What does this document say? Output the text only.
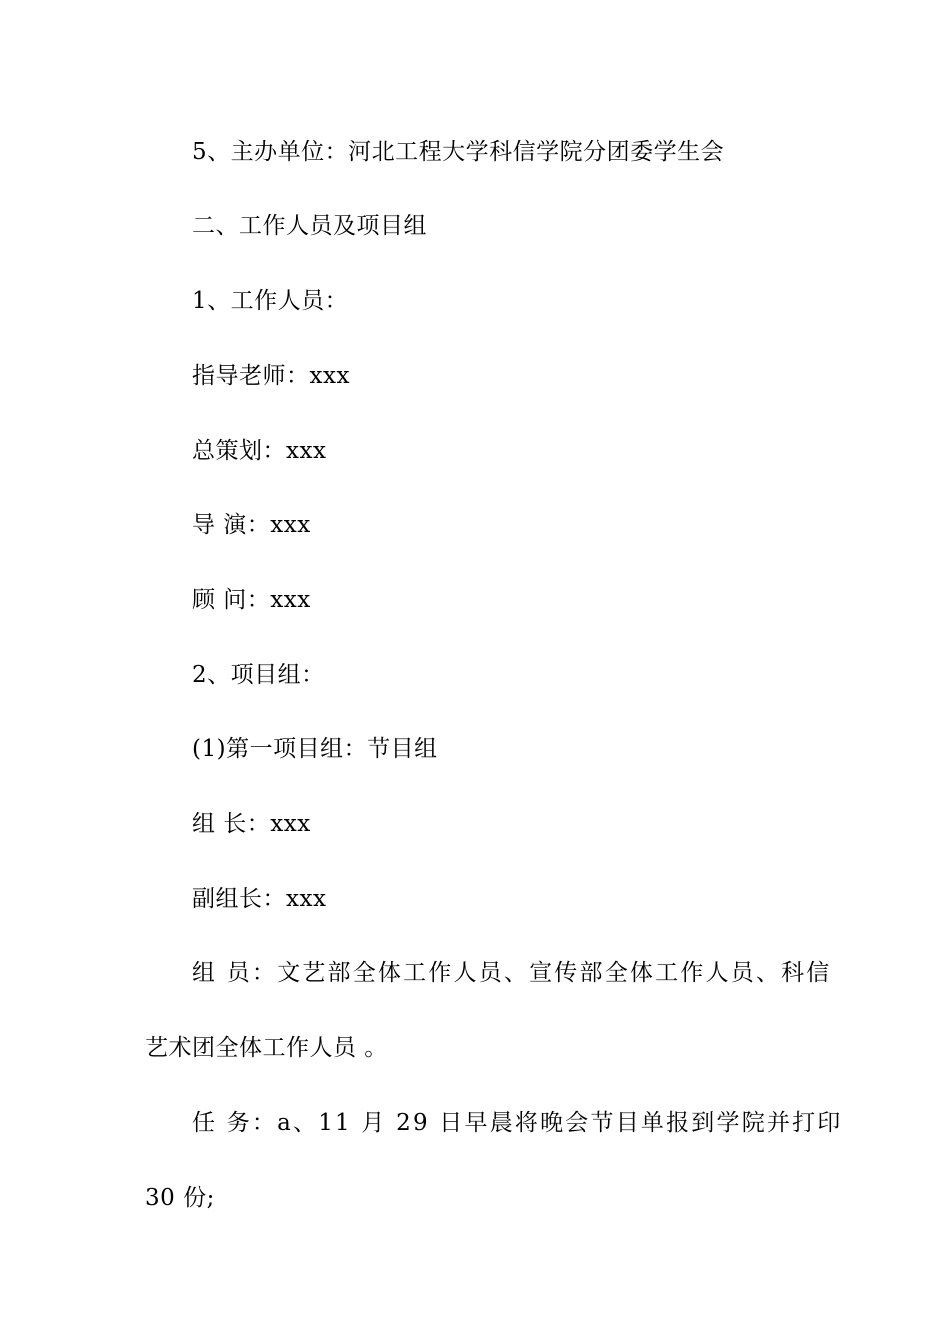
5、主办单位：河北工程大学科信学院分团委学生会
二、工作人员及项目组
1、工作人员：
指导老师：xxx
总策划：xxx
导 演：xxx
顾 问：xxx
2、项目组：
(1)第一项目组：节目组
组 长：xxx
副组长：xxx
组 员：文艺部全体工作人员、宣传部全体工作人员、科信
艺术团全体工作人员 。
任 务：a、11 月 29 日早晨将晚会节目单报到学院并打印
30 份;
